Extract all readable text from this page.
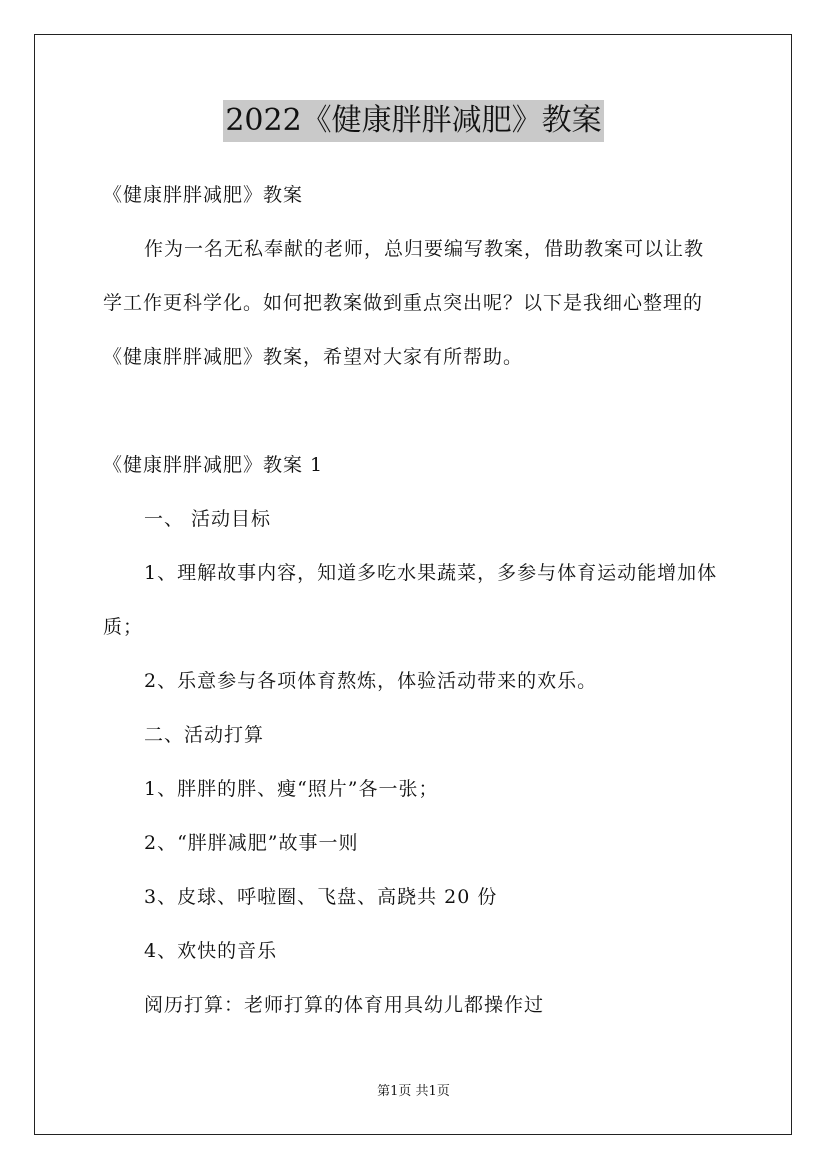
2022《健康胖胖减肥》教案
《健康胖胖减肥》教案
作为一名无私奉献的老师，总归要编写教案，借助教案可以让教
学工作更科学化。如何把教案做到重点突出呢？以下是我细心整理的
《健康胖胖减肥》教案，希望对大家有所帮助。
《健康胖胖减肥》教案 1
一、 活动目标
1、理解故事内容，知道多吃水果蔬菜，多参与体育运动能增加体
质；
2、乐意参与各项体育熬炼，体验活动带来的欢乐。
二、活动打算
1、胖胖的胖、瘦“照片”各一张；
2、“胖胖减肥”故事一则
3、皮球、呼啦圈、飞盘、高跷共 20 份
4、欢快的音乐
阅历打算：老师打算的体育用具幼儿都操作过
第1页 共1页
